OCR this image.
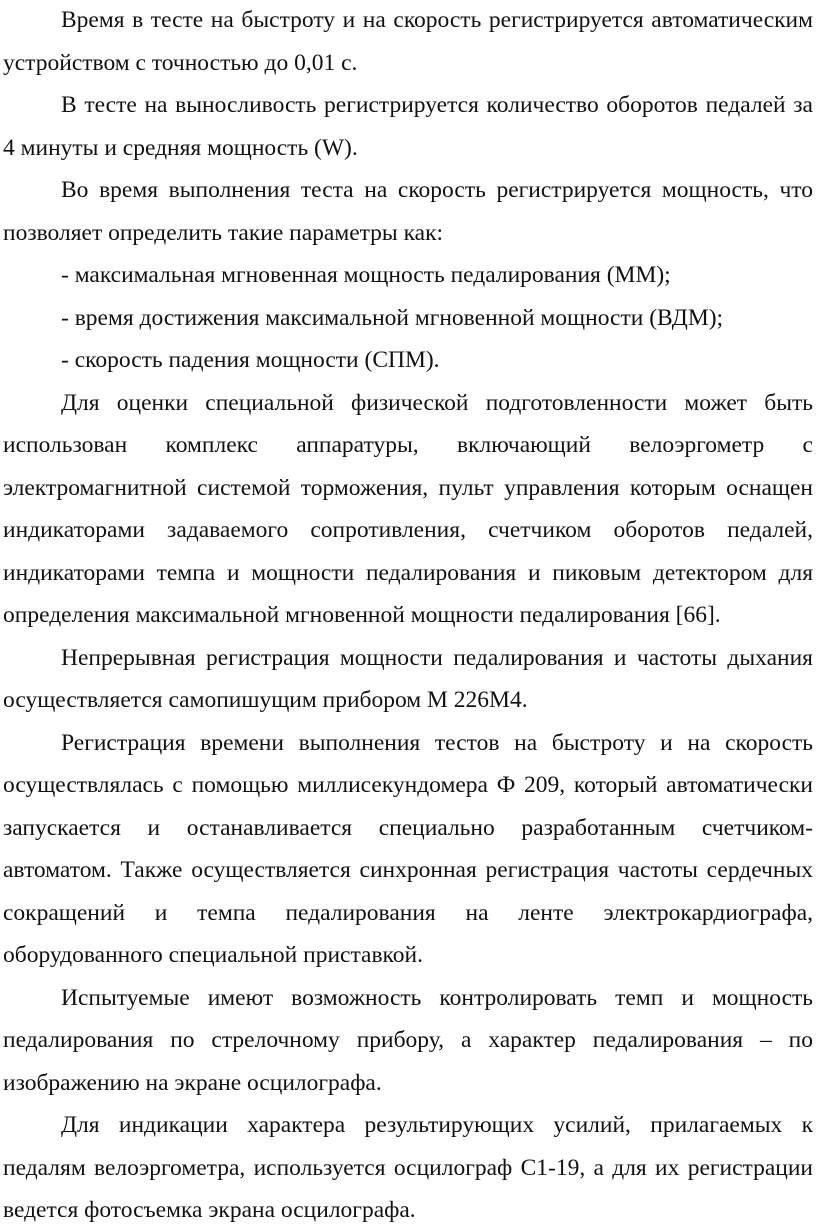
Время в тесте на быстроту и на скорость регистрируется автоматическим устройством с точностью до 0,01 с.

В тесте на выносливость регистрируется количество оборотов педалей за 4 минуты и средняя мощность (W).

Во время выполнения теста на скорость регистрируется мощность, что позволяет определить такие параметры как:

- максимальная мгновенная мощность педалирования (ММ);

- время достижения максимальной мгновенной мощности (ВДМ);

- скорость падения мощности (СПМ).

Для оценки специальной физической подготовленности может быть использован комплекс аппаратуры, включающий велоэргометр с электромагнитной системой торможения, пульт управления которым оснащен индикаторами задаваемого сопротивления, счетчиком оборотов педалей, индикаторами темпа и мощности педалирования и пиковым детектором для определения максимальной мгновенной мощности педалирования [66].

Непрерывная регистрация мощности педалирования и частоты дыхания осуществляется самопишущим прибором М 226М4.

Регистрация времени выполнения тестов на быстроту и на скорость осуществлялась с помощью миллисекундомера Ф 209, который автоматически запускается и останавливается специально разработанным счетчиком-автоматом. Также осуществляется синхронная регистрация частоты сердечных сокращений и темпа педалирования на ленте электрокардиографа, оборудованного специальной приставкой.

Испытуемые имеют возможность контролировать темп и мощность педалирования по стрелочному прибору, а характер педалирования – по изображению на экране осцилографа.

Для индикации характера результирующих усилий, прилагаемых к педалям велоэргометра, используется осцилограф С1-19, а для их регистрации ведется фотосъемка экрана осцилографа.
